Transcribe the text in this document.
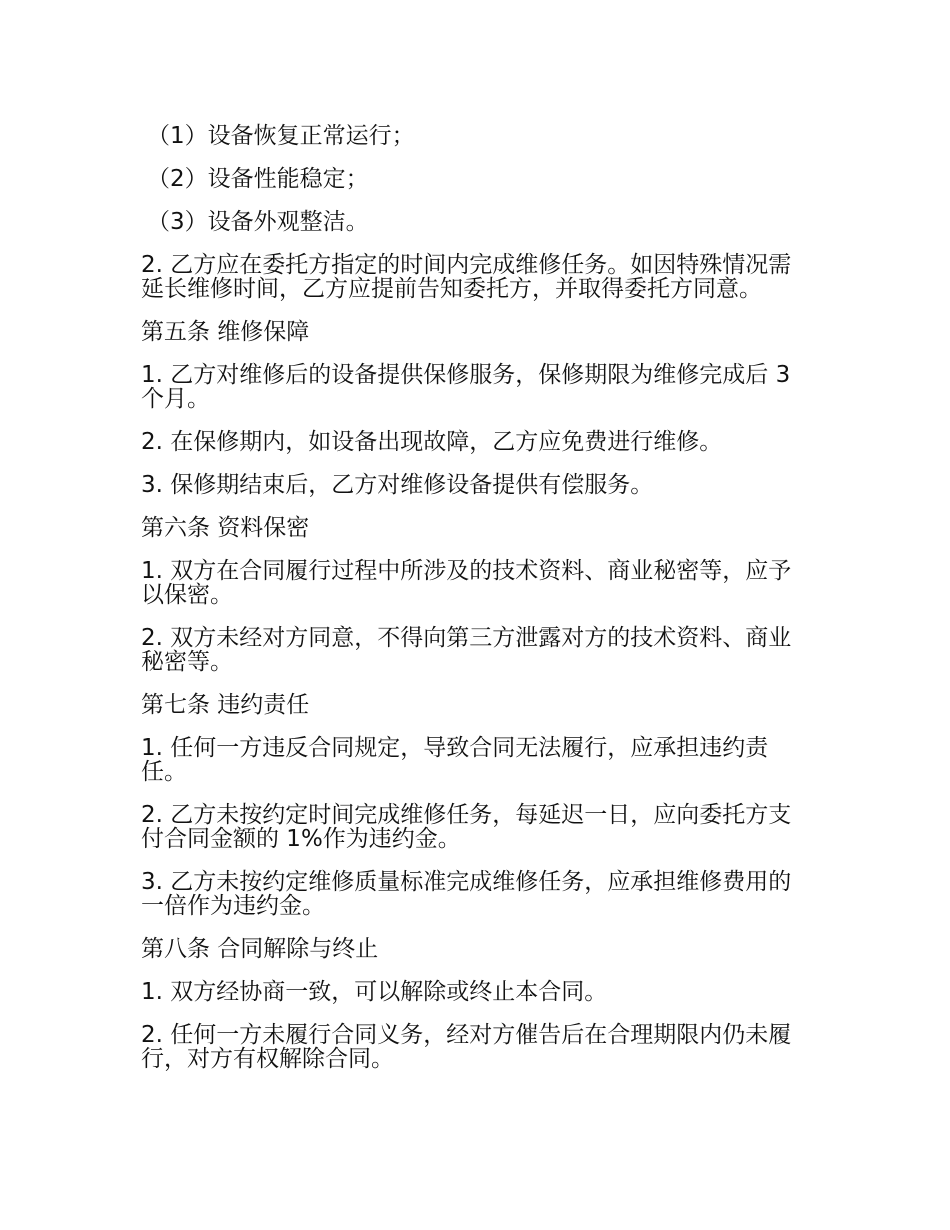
（1）设备恢复正常运行；

（2）设备性能稳定；

（3）设备外观整洁。

2. 乙方应在委托方指定的时间内完成维修任务。如因特殊情况需延长维修时间，乙方应提前告知委托方，并取得委托方同意。

第五条 维修保障

1. 乙方对维修后的设备提供保修服务，保修期限为维修完成后 3 个月。

2. 在保修期内，如设备出现故障，乙方应免费进行维修。

3. 保修期结束后，乙方对维修设备提供有偿服务。

第六条 资料保密

1. 双方在合同履行过程中所涉及的技术资料、商业秘密等，应予以保密。

2. 双方未经对方同意，不得向第三方泄露对方的技术资料、商业秘密等。

第七条 违约责任

1. 任何一方违反合同规定，导致合同无法履行，应承担违约责任。

2. 乙方未按约定时间完成维修任务，每延迟一日，应向委托方支付合同金额的 1%作为违约金。

3. 乙方未按约定维修质量标准完成维修任务，应承担维修费用的一倍作为违约金。

第八条 合同解除与终止

1. 双方经协商一致，可以解除或终止本合同。

2. 任何一方未履行合同义务，经对方催告后在合理期限内仍未履行，对方有权解除合同。
